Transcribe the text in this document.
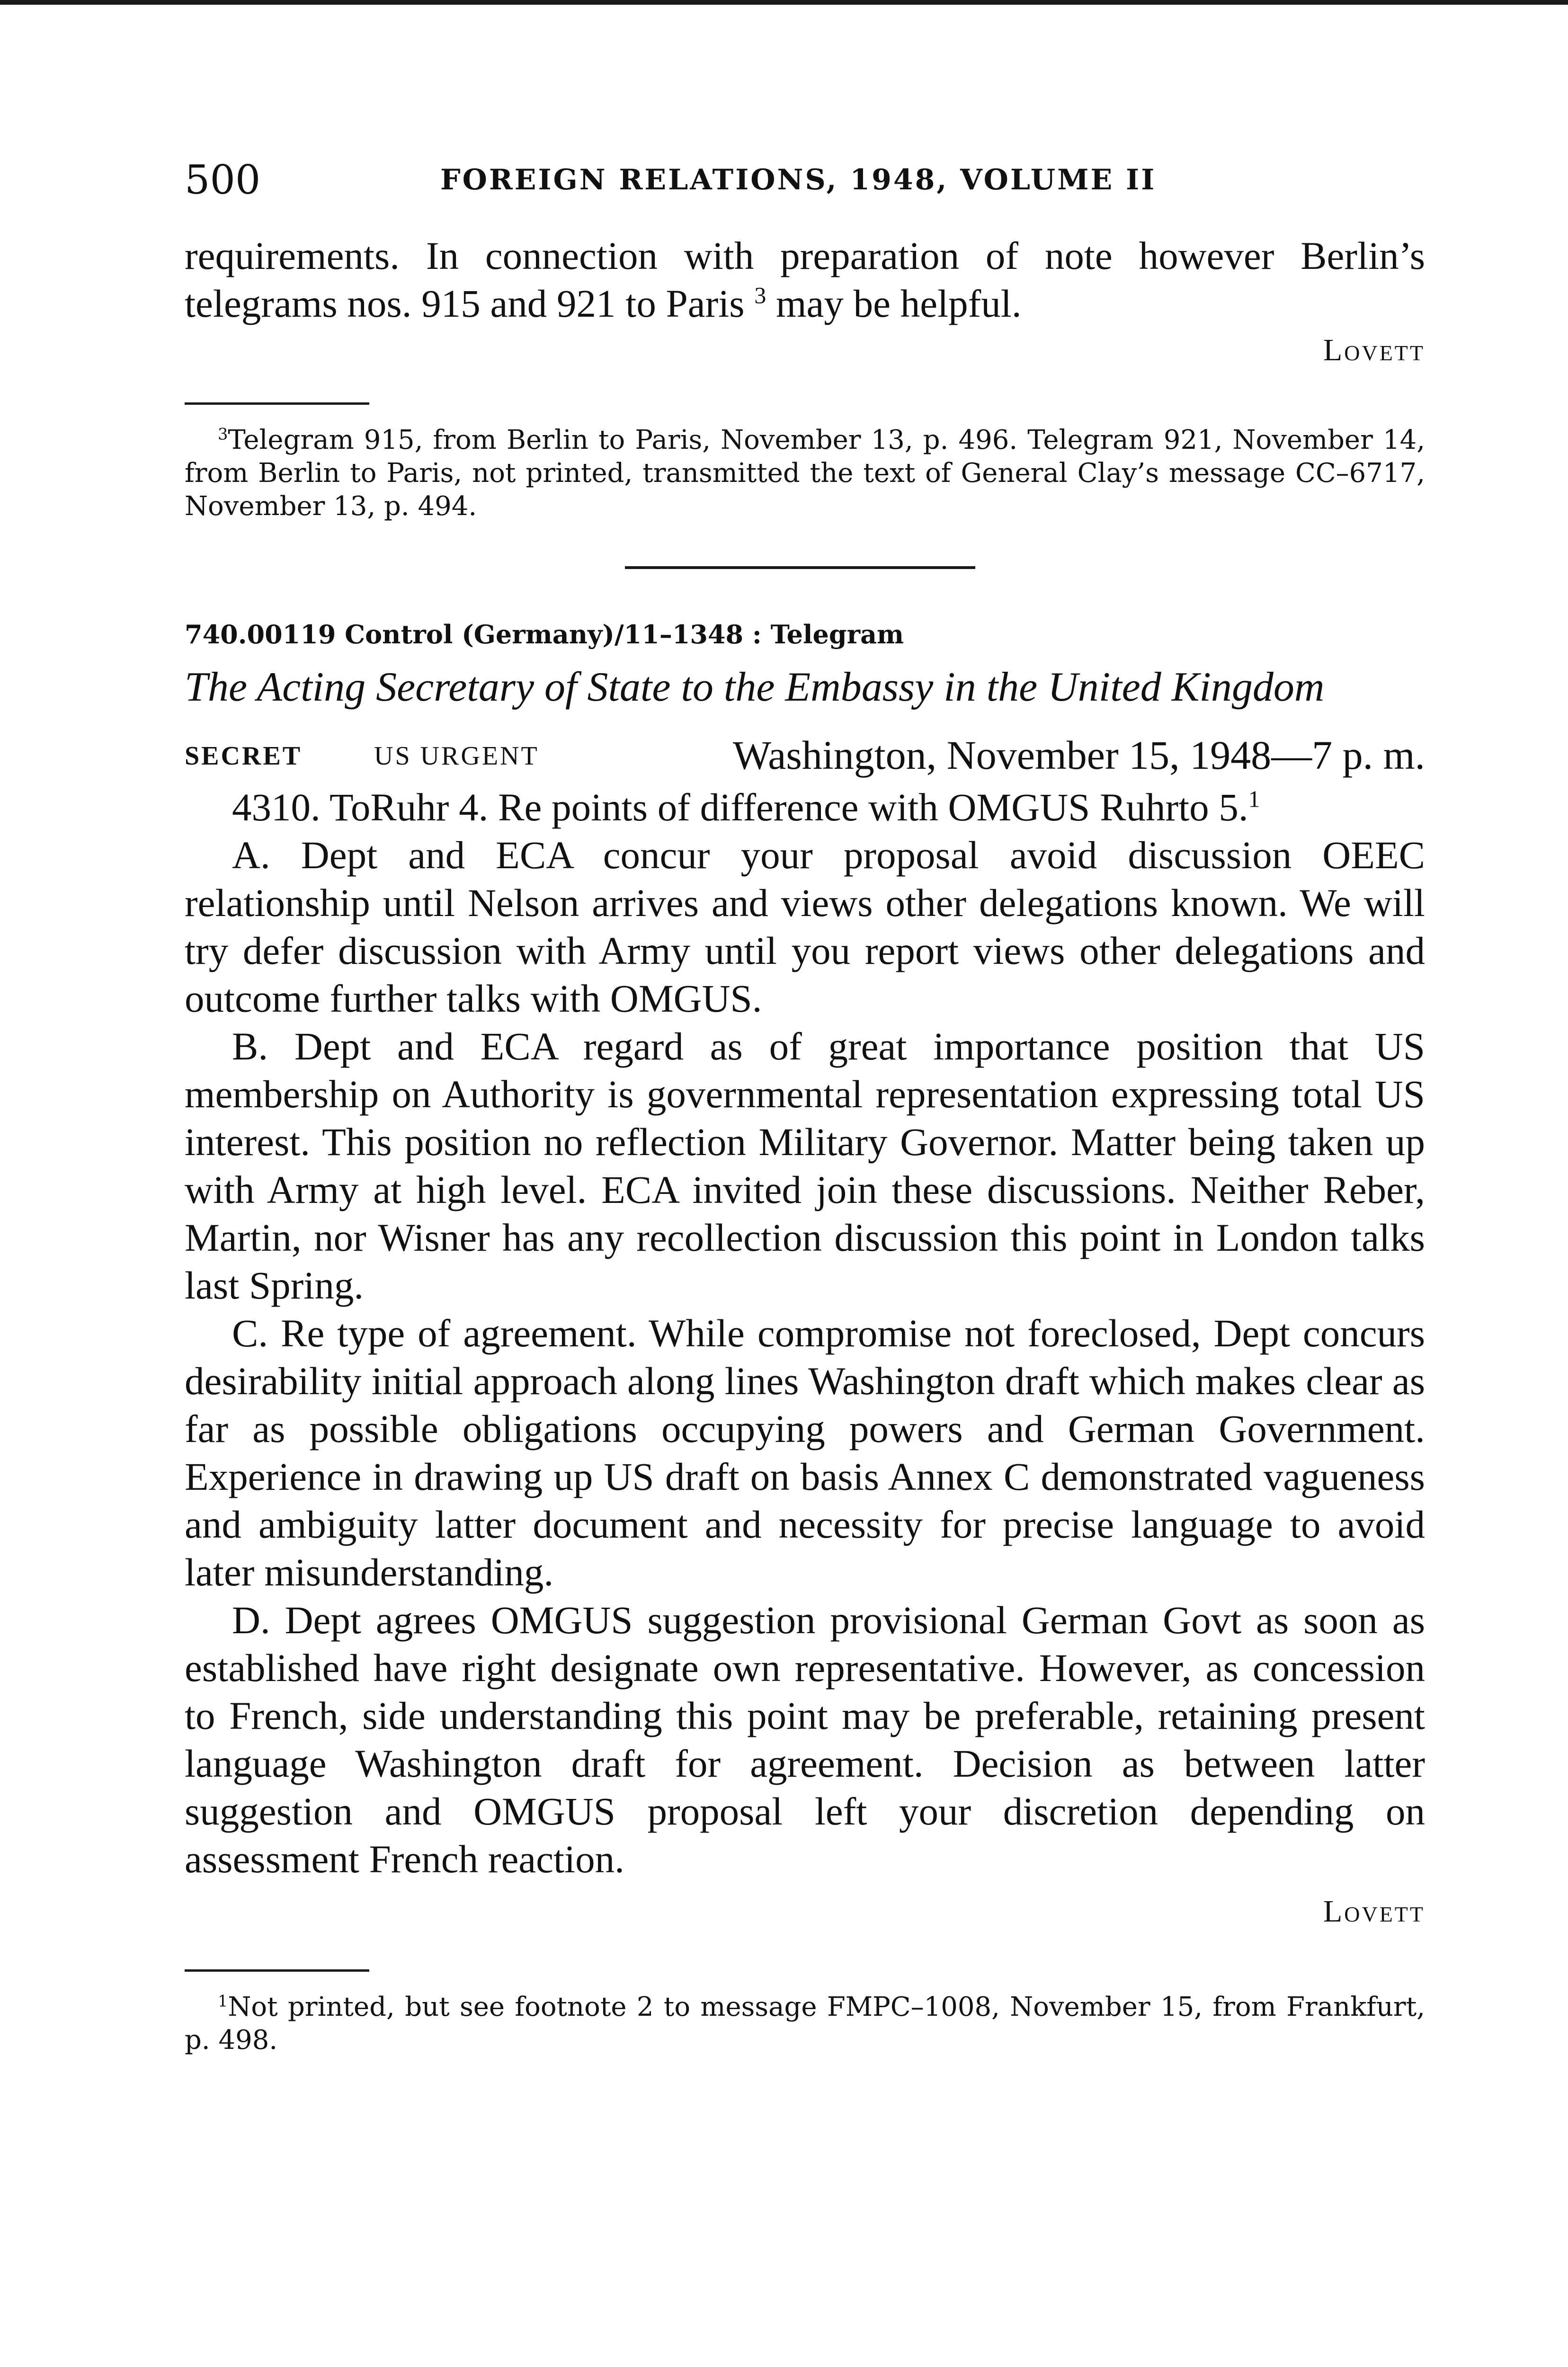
500	FOREIGN RELATIONS, 1948, VOLUME II

requirements. In connection with preparation of note however Berlin’s telegrams nos. 915 and 921 to Paris $^3$ may be helpful.

Lovett

$^3$Telegram 915, from Berlin to Paris, November 13, p. 496. Telegram 921, November 14, from Berlin to Paris, not printed, transmitted the text of General Clay’s message CC–6717, November 13, p. 494.

740.00119 Control (Germany)/11–1348 : Telegram

The Acting Secretary of State to the Embassy in the United Kingdom

SECRET	US URGENT	Washington, November 15, 1948—7 p. m.

4310. ToRuhr 4. Re points of difference with OMGUS Ruhrto 5.$^1$

A. Dept and ECA concur your proposal avoid discussion OEEC relationship until Nelson arrives and views other delegations known. We will try defer discussion with Army until you report views other delegations and outcome further talks with OMGUS.

B. Dept and ECA regard as of great importance position that US membership on Authority is governmental representation expressing total US interest. This position no reflection Military Governor. Matter being taken up with Army at high level. ECA invited join these discussions. Neither Reber, Martin, nor Wisner has any recollection discussion this point in London talks last Spring.

C. Re type of agreement. While compromise not foreclosed, Dept concurs desirability initial approach along lines Washington draft which makes clear as far as possible obligations occupying powers and German Government. Experience in drawing up US draft on basis Annex C demonstrated vagueness and ambiguity latter document and necessity for precise language to avoid later misunderstanding.

D. Dept agrees OMGUS suggestion provisional German Govt as soon as established have right designate own representative. However, as concession to French, side understanding this point may be preferable, retaining present language Washington draft for agreement. Decision as between latter suggestion and OMGUS proposal left your discretion depending on assessment French reaction.

Lovett

$^1$Not printed, but see footnote 2 to message FMPC–1008, November 15, from Frankfurt, p. 498.
